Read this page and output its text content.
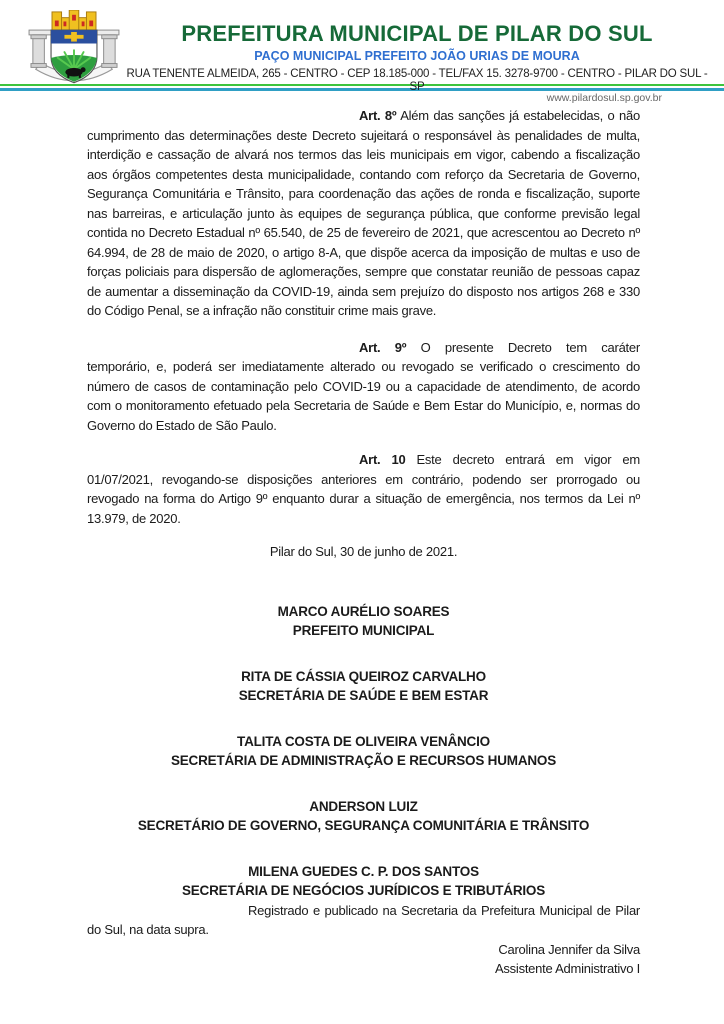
PREFEITURA MUNICIPAL DE PILAR DO SUL
PAÇO MUNICIPAL PREFEITO JOÃO URIAS DE MOURA
RUA TENENTE ALMEIDA, 265 - CENTRO - CEP 18.185-000 - TEL/FAX 15. 3278-9700 - CENTRO - PILAR DO SUL - SP
www.pilardosul.sp.gov.br

Art. 8º Além das sanções já estabelecidas, o não cumprimento das determinações deste Decreto sujeitará o responsável às penalidades de multa, interdição e cassação de alvará nos termos das leis municipais em vigor, cabendo a fiscalização aos órgãos competentes desta municipalidade, contando com reforço da Secretaria de Governo, Segurança Comunitária e Trânsito, para coordenação das ações de ronda e fiscalização, suporte nas barreiras, e articulação junto às equipes de segurança pública, que conforme previsão legal contida no Decreto Estadual nº 65.540, de 25 de fevereiro de 2021, que acrescentou ao Decreto nº 64.994, de 28 de maio de 2020, o artigo 8-A, que dispõe acerca da imposição de multas e uso de forças policiais para dispersão de aglomerações, sempre que constatar reunião de pessoas capaz de aumentar a disseminação da COVID-19, ainda sem prejuízo do disposto nos artigos 268 e 330 do Código Penal, se a infração não constituir crime mais grave.

Art. 9º O presente Decreto tem caráter temporário, e, poderá ser imediatamente alterado ou revogado se verificado o crescimento do número de casos de contaminação pelo COVID-19 ou a capacidade de atendimento, de acordo com o monitoramento efetuado pela Secretaria de Saúde e Bem Estar do Município, e, normas do Governo do Estado de São Paulo.

Art. 10 Este decreto entrará em vigor em 01/07/2021, revogando-se disposições anteriores em contrário, podendo ser prorrogado ou revogado na forma do Artigo 9º enquanto durar a situação de emergência, nos termos da Lei nº 13.979, de 2020.

Pilar do Sul, 30 de junho de 2021.

MARCO AURÉLIO SOARES
PREFEITO MUNICIPAL
RITA DE CÁSSIA QUEIROZ CARVALHO
SECRETÁRIA DE SAÚDE E BEM ESTAR
TALITA COSTA DE OLIVEIRA VENÂNCIO
SECRETÁRIA DE ADMINISTRAÇÃO E RECURSOS HUMANOS
ANDERSON LUIZ
SECRETÁRIO DE GOVERNO, SEGURANÇA COMUNITÁRIA E TRÂNSITO
MILENA GUEDES C. P. DOS SANTOS
SECRETÁRIA DE NEGÓCIOS JURÍDICOS E TRIBUTÁRIOS

Registrado e publicado na Secretaria da Prefeitura Municipal de Pilar do Sul, na data supra.

Carolina Jennifer da Silva
Assistente Administrativo I
